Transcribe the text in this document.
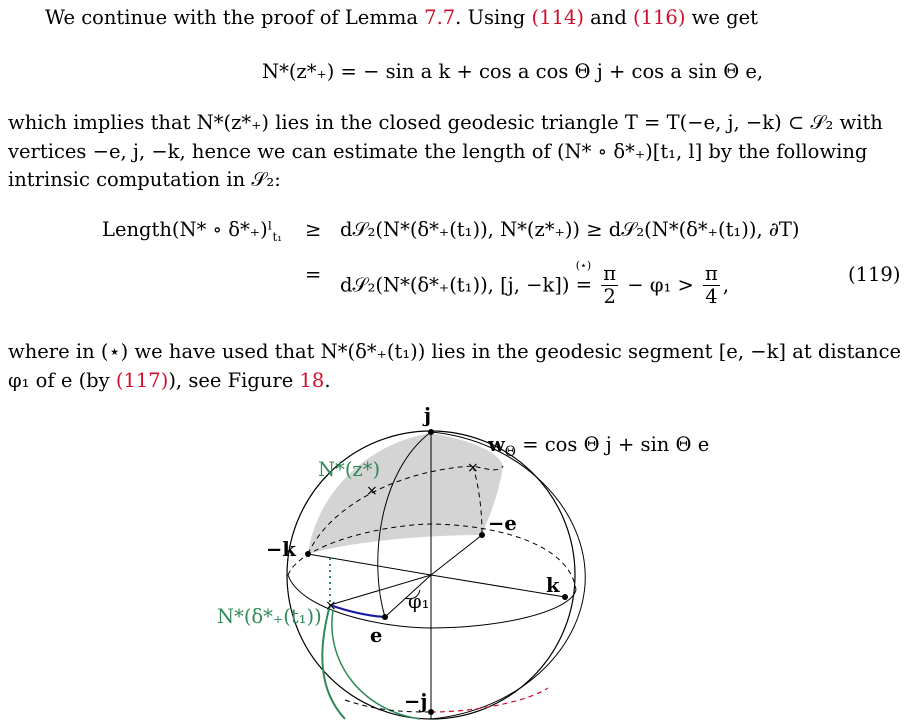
We continue with the proof of Lemma 7.7. Using (114) and (116) we get
N*(z*₊) = − sin a k + cos a cos Θ j + cos a sin Θ e,
which implies that N*(z*₊) lies in the closed geodesic triangle T = T(−e, j, −k) ⊂ 𝒮₂ with
vertices −e, j, −k, hence we can estimate the length of (N* ∘ δ*₊)[t₁, l] by the following
intrinsic computation in 𝒮₂:
Length(N* ∘ δ*₊)ˡ$_{t_1}$ ≥ d𝒮₂(N*(δ*₊(t₁)), N*(z*₊)) ≥ d𝒮₂(N*(δ*₊(t₁)), ∂T)
= d𝒮₂(N*(δ*₊(t₁)), [j, −k])
(⋆)
= $\frac{\pi}{2} - \varphi_1 > \frac{\pi}{4}$ ,	(119)
where in (⋆) we have used that N*(δ*₊(t₁)) lies in the geodesic segment [e, −k] at distance
φ₁ of e (by (117)), see Figure 18.
×
×
×
j
$w_\Theta = \cos \Theta$ j + sin Θ e
N*(z*)
−e
−k
k
φ₁
N*(δ*₊(t₁))
e
−j
